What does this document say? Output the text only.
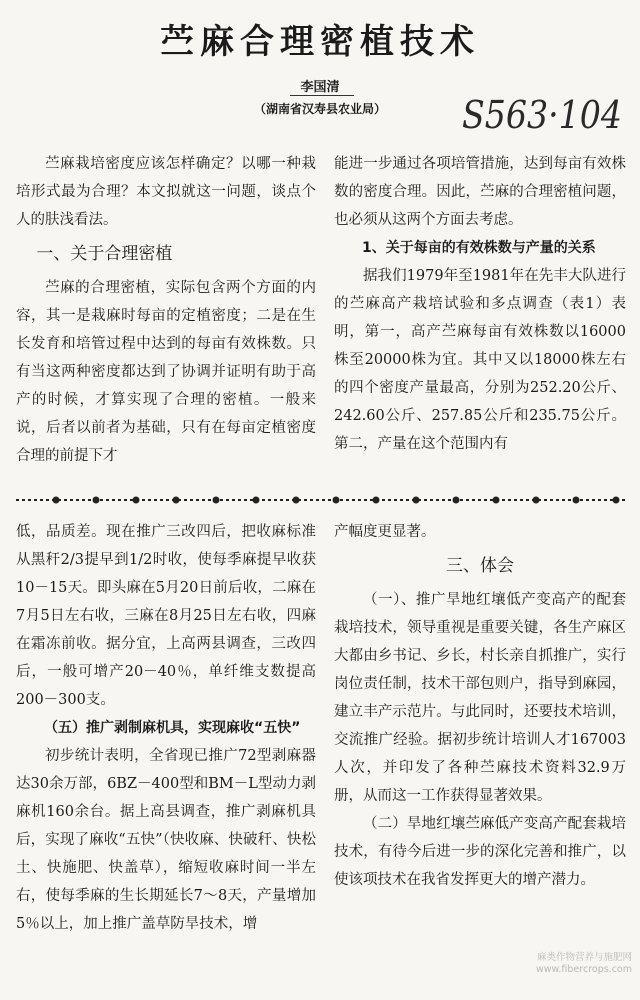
苎麻合理密植技术
李国清
（湖南省汉寿县农业局）	S563·104

苎麻栽培密度应该怎样确定？以哪一种栽培形式最为合理？本文拟就这一问题，谈点个人的肤浅看法。

一、关于合理密植

苎麻的合理密植，实际包含两个方面的内容，其一是栽麻时每亩的定植密度；二是在生长发育和培管过程中达到的每亩有效株数。只有当这两种密度都达到了协调并证明有助于高产的时候，才算实现了合理的密植。一般来说，后者以前者为基础，只有在每亩定植密度合理的前提下才

能进一步通过各项培管措施，达到每亩有效株数的密度合理。因此，苎麻的合理密植问题，也必须从这两个方面去考虑。

1、关于每亩的有效株数与产量的关系

据我们1979年至1981年在先丰大队进行的苎麻高产栽培试验和多点调查（表1）表明，第一，高产苎麻每亩有效株数以16000株至20000株为宜。其中又以18000株左右的四个密度产量最高，分别为252.20公斤、242.60公斤、257.85公斤和235.75公斤。第二，产量在这个范围内有

低，品质差。现在推广三改四后，把收麻标准从黑秆2/3提早到1/2时收，使每季麻提早收获10－15天。即头麻在5月20日前后收，二麻在7月5日左右收，三麻在8月25日左右收，四麻在霜冻前收。据分宜，上高两县调查，三改四后，一般可增产20－40％，单纤维支数提高200－300支。

（五）推广剥制麻机具，实现麻收“五快”

初步统计表明，全省现已推广72型剥麻器达30余万部，6BZ－400型和BM－L型动力剥麻机160余台。据上高县调查，推广剥麻机具后，实现了麻收“五快”（快收麻、快破秆、快松土、快施肥、快盖草），缩短收麻时间一半左右，使每季麻的生长期延长7～8天，产量增加5％以上，加上推广盖草防旱技术，增

产幅度更显著。

三、体会

（一）、推广旱地红壤低产变高产的配套栽培技术，领导重视是重要关键，各生产麻区大都由乡书记、乡长，村长亲自抓推广，实行岗位责任制，技术干部包则户，指导到麻园，建立丰产示范片。与此同时，还要技术培训，交流推广经验。据初步统计培训人才167003人次，并印发了各种苎麻技术资料32.9万册，从而这一工作获得显著效果。

（二）旱地红壤苎麻低产变高产配套栽培技术，有待今后进一步的深化完善和推广，以使该项技术在我省发挥更大的增产潜力。

麻类作物营养与施肥网
www.fibercrops.com
